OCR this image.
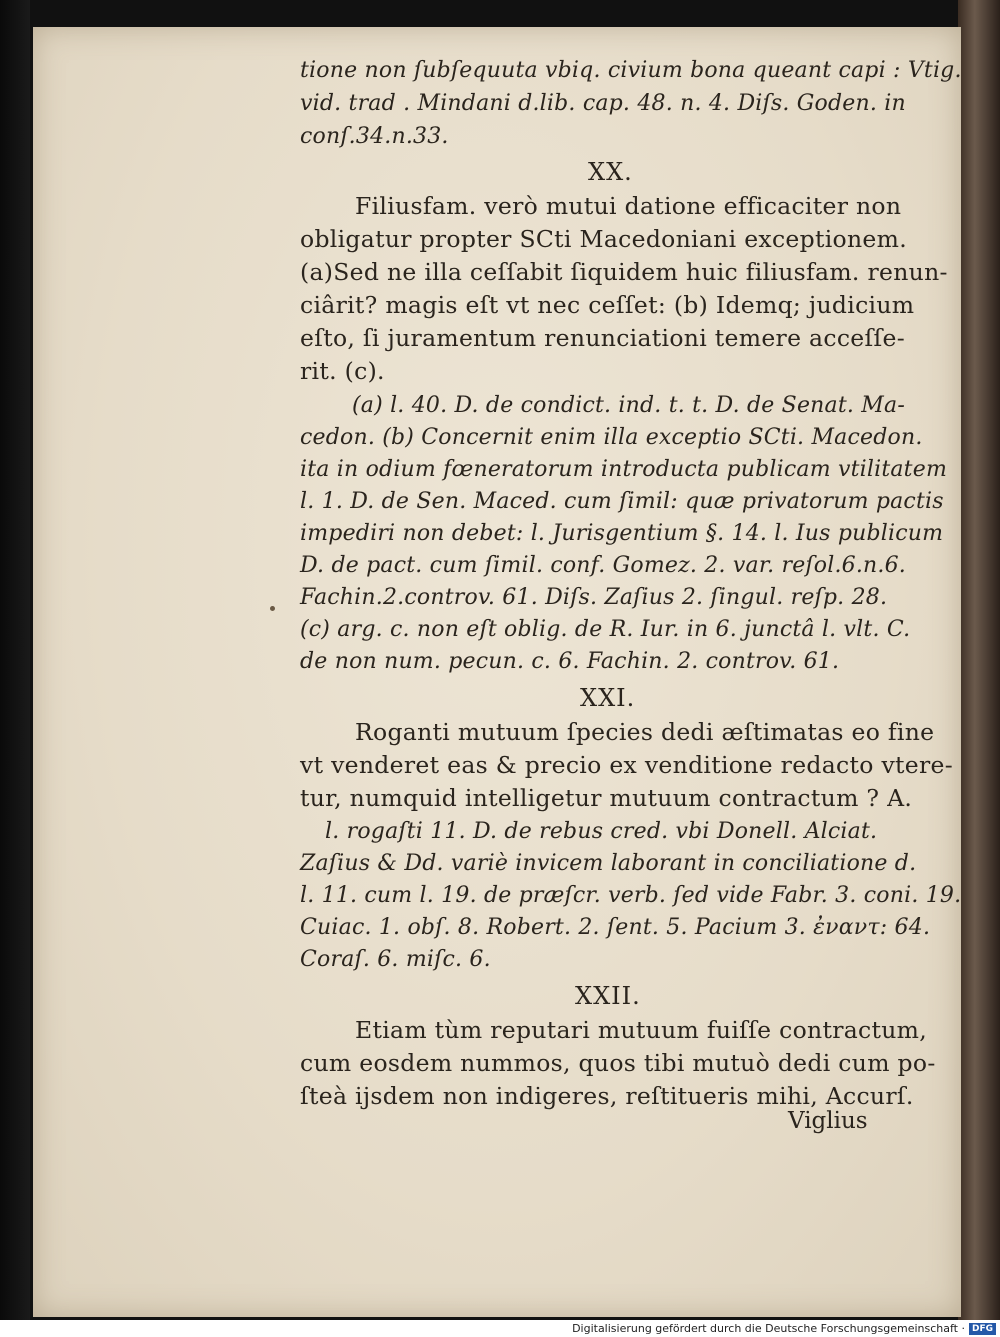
Viglius
tione non ſubſequuta vbiq. civium bona queant capi : Vtig.
vid. trad . Mindani d.lib. cap. 48. n. 4. Diſs. Goden. in
conſ.34.n.33.
XX.
Filiusfam. verò mutui datione efficaciter non
obligatur propter SCti Macedoniani exceptionem.
(a)Sed ne illa ceſſabit ſiquidem huic filiusfam. renun-
ciârit? magis eſt vt nec ceſſet: (b) Idemq; judicium
eſto, ſi juramentum renunciationi temere acceſſe-
rit. (c).
(a) l. 40. D. de condict. ind. t. t. D. de Senat. Ma-
cedon. (b) Concernit enim illa exceptio SCti. Macedon.
ita in odium fœneratorum introducta publicam vtilitatem
l. 1. D. de Sen. Maced. cum ſimil: quæ privatorum pactis
impediri non debet: l. Jurisgentium §. 14. l. Ius publicum
D. de pact. cum ſimil. conf. Gomez. 2. var. reſol.6.n.6.
Fachin.2.controv. 61. Diſs. Zaſius 2. ſingul. reſp. 28.
(c) arg. c. non eſt oblig. de R. Iur. in 6. junctâ l. vlt. C.
de non num. pecun. c. 6. Fachin. 2. controv. 61.
XXI.
Roganti mutuum ſpecies dedi æſtimatas eo fine
vt venderet eas & precio ex venditione redacto vtere-
tur, numquid intelligetur mutuum contractum ? A.
l. rogaſti 11. D. de rebus cred. vbi Donell. Alciat.
Zaſius & Dd. variè invicem laborant in conciliatione d.
l. 11. cum l. 19. de præſcr. verb. ſed vide Fabr. 3. coni. 19.
Cuiac. 1. obſ. 8. Robert. 2. ſent. 5. Pacium 3. ἐναντ: 64.
Coraſ. 6. miſc. 6.
XXII.
Etiam tùm reputari mutuum fuiſſe contractum,
cum eosdem nummos, quos tibi mutuò dedi cum po-
ſteà ijsdem non indigeres, reſtitueris mihi, Accurſ.
Digitalisierung gefördert durch die Deutsche Forschungsgemeinschaft · DFG
